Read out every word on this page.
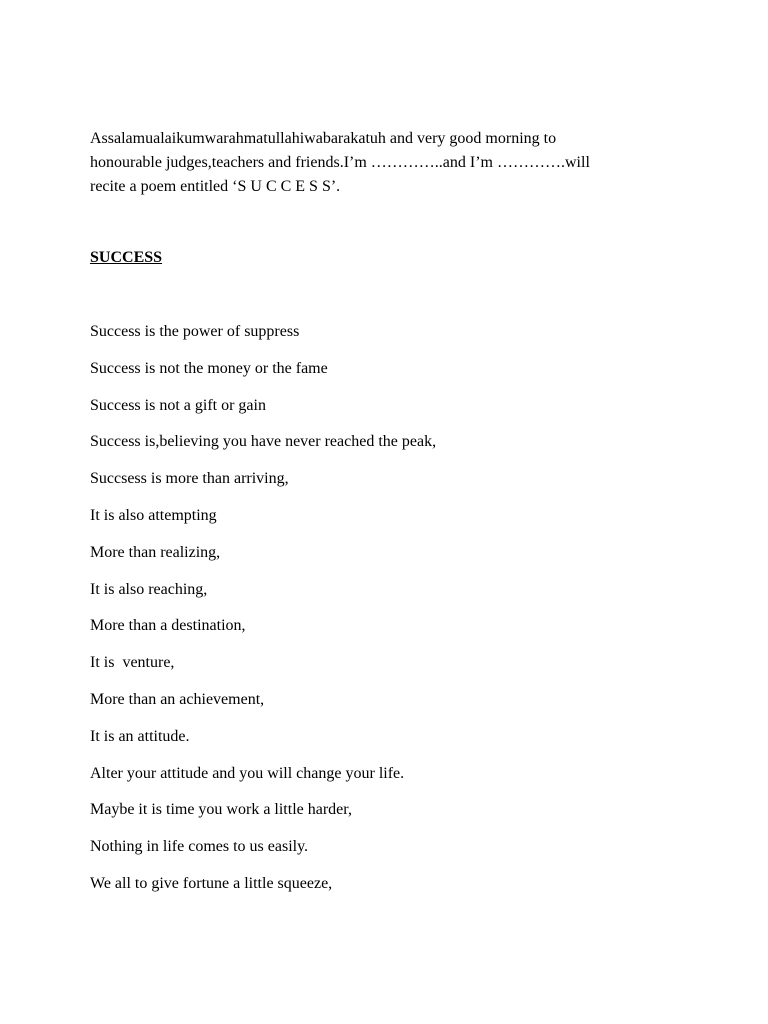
Assalamualaikumwarahmatullahiwabarakatuh and very good morning to
honourable judges,teachers and friends.I’m …………..and I’m ………….will
recite a poem entitled ‘S U C C E S S’.

SUCCESS
Success is the power of suppress
Success is not the money or the fame
Success is not a gift or gain
Success is,believing you have never reached the peak,
Succsess is more than arriving,
It is also attempting
More than realizing,
It is also reaching,
More than a destination,
It is  venture,
More than an achievement,
It is an attitude.
Alter your attitude and you will change your life.
Maybe it is time you work a little harder,
Nothing in life comes to us easily.
We all to give fortune a little squeeze,
